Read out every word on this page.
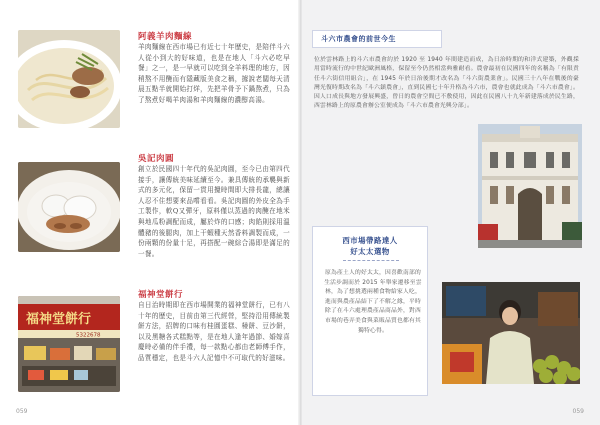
阿義羊肉麵線
羊肉麵線在西市場已有近七十年歷史，是陪伴斗六人從小到大的好味道，也是在地人「斗六必吃早餐」之一，是一早就可以吃到全羊料理的地方，因稍熬不用醃而有隱藏版美食之稱，據說老闆每天清晨五點半就開始打烊，先把羊骨予下鍋熬煮，只為了熬煮好喝羊肉湯和羊肉麵線的濃醇高湯。
吳記肉圓
創立於民國四十年代的吳記肉圓，至今已由第四代接手，讓傳統美味延續至今。兼具傳統的承襲與新式的多元化，保留一貫用攪時間即大排長龍，總讓人忍不住想要來品嚐看看。吳記肉圓的外皮全為手工製作，軟Q又彈牙，原料僅以蒸過的肉醃在地米與地瓜粉調配而成，屬於炸的口感；肉餡則採用溫體豬的後腿肉，加上干蝦種天然香料調製而成，一份兩顆的份量十足，再搭配一碗綜合湯即是滿足的一餐。
福神堂餅行
5322678
福神堂餅行
自日治時期即在西市場開業的福神堂餅行，已有八十年的歷史，目前由第三代經營，堅持沿用傳統製餅方法，招牌的口味有桂圓蛋糕、椪餅、豆沙餅，以及黑糖各式糕點等，是在地人逢年過節、婚嫁喜慶時必備的伴手禮，每一款點心都由老師傅手作，品質穩定，也是斗六人記憶中不可取代的好滋味。
059
斗六市農會的前世今生
位於雲林路上的斗六市農會約於 1920 至 1940 年間建造而成，為日治時期的和洋式建築，外觀採用當時流行的中世紀歐洲風格，保留至今仍然相當典雅耐看。農會最初在民國四年的名稱為「有限責任斗六街信用組合」，在 1945 年於日治後期才改名為「斗六街農業會」。民國三十八年在戰後的臺灣光復時期改名為「斗六鎮農會」，直到民國七十年升格為斗六市，農會也就此成為「斗六市農會」。因人口成長與地方發展興盛，曾日的農會空間已不敷使用，因此在民國八十九年新建落成於民生路，西雲林路上的原農會辦公室便成為「斗六市農會光興分部」。
西市場帶路達人
好太太選物
原為產土人的好太太，因喜歡南部的生活步調而於 2015 年舉家遷移至雲林，為了想挑選兩種食物給家人吃，進而與農產品結下了不解之緣，平時除了在斗六處理農產品商品外，對西市場的巷弄美食與菜販品質也都有其獨特心得。
059
